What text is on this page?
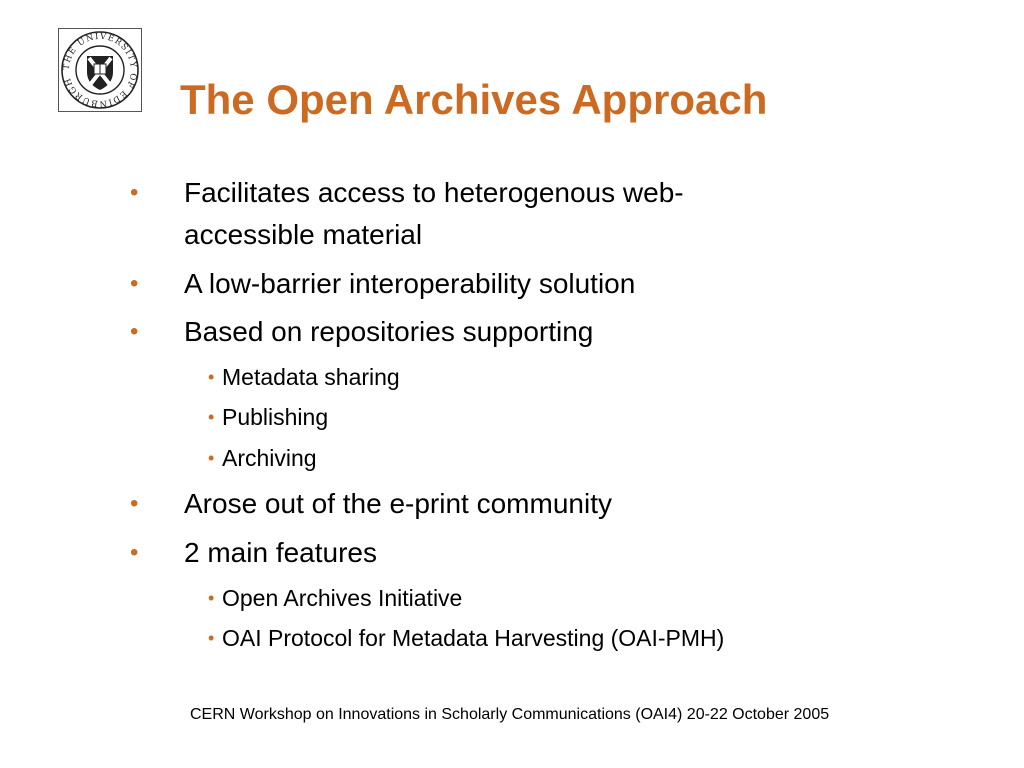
THE UNIVERSITY OF EDINBURGH	The Open Archives Approach
• Facilitates access to heterogenous web-
accessible material
• A low-barrier interoperability solution
• Based on repositories supporting
• Metadata sharing
• Publishing
• Archiving
• Arose out of the e-print community
• 2 main features
• Open Archives Initiative
• OAI Protocol for Metadata Harvesting (OAI-PMH)
CERN Workshop on Innovations in Scholarly Communications (OAI4) 20-22 October 2005
